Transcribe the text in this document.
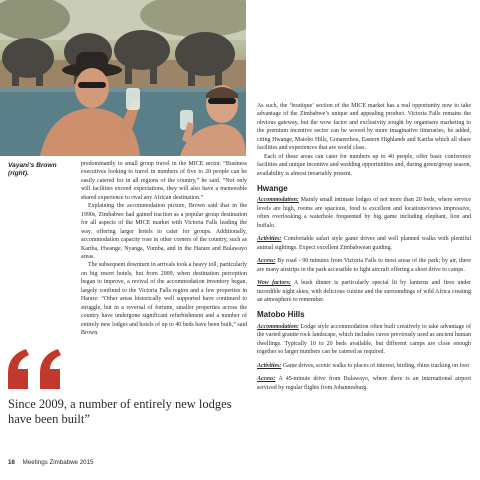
Vayani's Brown (right).

predominantly to small group travel in the MICE sector. “Business executives looking to travel in numbers of five to 20 people can be easily catered for in all regions of the country,” he said. “Not only will facilities exceed expectations, they will also have a memorable shared experience to rival any African destination.”

Explaining the accommodation picture, Brown said that in the 1990s, Zimbabwe had gained traction as a popular group destination for all aspects of the MICE market with Victoria Falls leading the way, offering larger hotels to cater for groups. Additionally, accommodation capacity rose in other corners of the country, such as Kariba, Hwange, Nyanga, Vumba, and in the Harare and Bulawayo areas.

The subsequent downturn in arrivals took a heavy toll, particularly on big resort hotels, but from 2009, when destination perception began to improve, a revival of the accommodation inventory began, largely confined to the Victoria Falls region and a few properties in Harare: “Other areas historically well supported have continued to struggle, but in a reversal of fortune, smaller properties across the country have undergone significant refurbishment and a number of entirely new lodges and hotels of up to 40 beds have been built,” said Brown.

Since 2009, a number of entirely new lodges have been built”
16 Meetings Zimbabwe 2015

As such, the ‘boutique’ section of the MICE market has a real opportunity now to take advantage of the Zimbabwe’s unique and appealing product. Victoria Falls remains the obvious gateway, but the wow factor and exclusivity sought by organisers marketing to the premium incentive sector can be wooed by more imaginative itineraries, he added, citing Hwange, Matobo Hills, Gonarezhou, Eastern Highlands and Kariba which all share facilities and experiences that are world class.

Each of these areas can cater for numbers up to 40 people, offer basic conference facilities and unique incentive and wedding opportunities and, during green/group season, availability is almost invariably present.

Hwange

Accommodation: Mainly small intimate lodges of not more than 20 beds, where service levels are high, rooms are spacious, food is excellent and locations/views impressive, often overlooking a waterhole frequented by big game including elephant, lion and buffalo.

Activities: Comfortable safari style game drives and well planned walks with plentiful animal sightings. Expect excellent Zimbabwean guiding.

Access: By road - 90 minutes from Victoria Falls to most areas of the park; by air, there are many airstrips in the park accessible to light aircraft offering a short drive to camps.

Wow factors: A bush dinner is particularly special lit by lanterns and fires under incredible night skies, with delicious cuisine and the surroundings of wild Africa creating an atmosphere to remember.

Matobo Hills

Accommodation: Lodge style accommodation often built creatively to take advantage of the varied granite rock landscape, which includes caves previously used as ancient human dwellings. Typically 10 to 20 beds available, but different camps are close enough together so larger numbers can be catered as required.

Activities: Game drives, scenic walks to places of interest, birding, rhino tracking on foot

Access: A 45-minute drive from Bulawayo, where there is an international airport serviced by regular flights from Johannesburg.
